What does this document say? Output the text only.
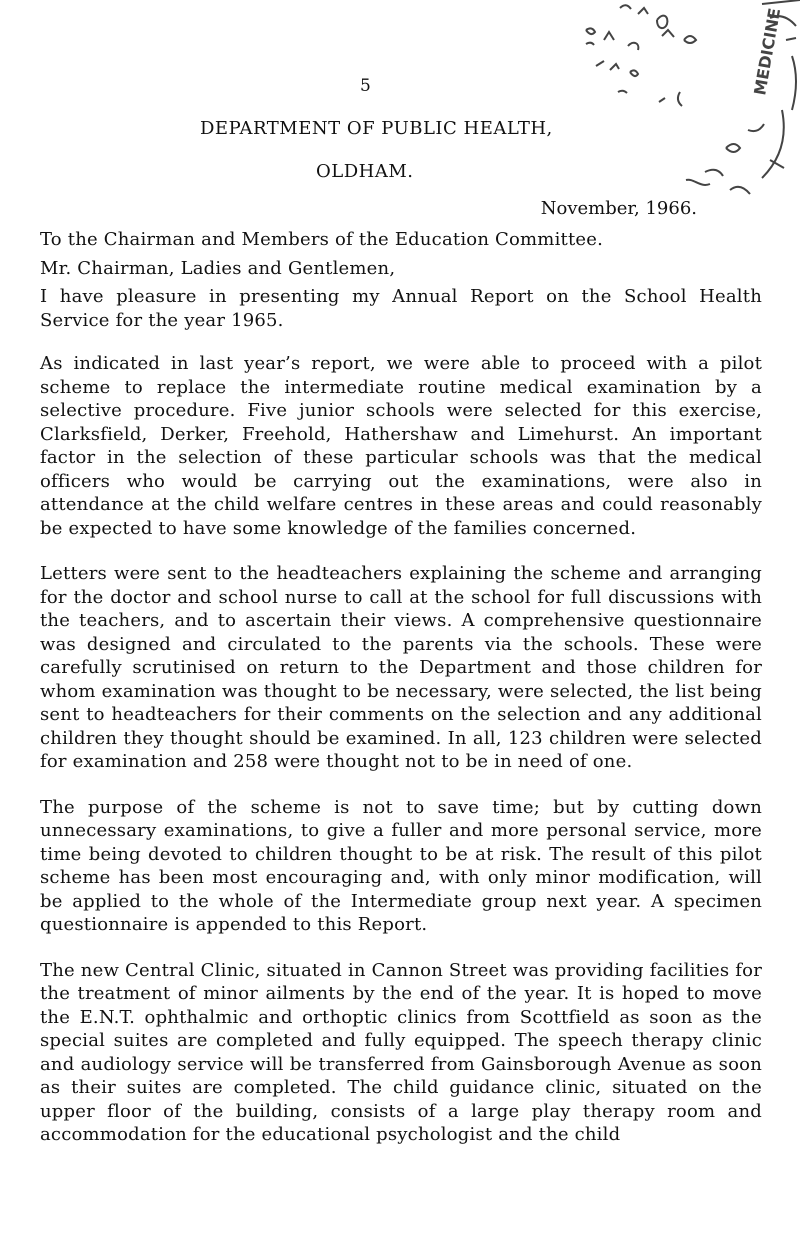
5	MEDICINE
DEPARTMENT OF PUBLIC HEALTH,
OLDHAM.
November, 1966.

To the Chairman and Members of the Education Committee.

Mr. Chairman, Ladies and Gentlemen,

I have pleasure in presenting my Annual Report on the School Health Service for the year 1965.

As indicated in last year’s report, we were able to proceed with a pilot scheme to replace the intermediate routine medical examination by a selective procedure. Five junior schools were selected for this exercise, Clarksfield, Derker, Freehold, Hathershaw and Limehurst. An important factor in the selection of these particular schools was that the medical officers who would be carrying out the examinations, were also in attendance at the child welfare centres in these areas and could reasonably be expected to have some knowledge of the families concerned.

Letters were sent to the headteachers explaining the scheme and arranging for the doctor and school nurse to call at the school for full discussions with the teachers, and to ascertain their views. A comprehensive questionnaire was designed and circulated to the parents via the schools. These were carefully scrutinised on return to the Department and those children for whom examination was thought to be necessary, were selected, the list being sent to headteachers for their comments on the selection and any additional children they thought should be examined. In all, 123 children were selected for examination and 258 were thought not to be in need of one.

The purpose of the scheme is not to save time; but by cutting down unnecessary examinations, to give a fuller and more personal service, more time being devoted to children thought to be at risk. The result of this pilot scheme has been most encouraging and, with only minor modification, will be applied to the whole of the Intermediate group next year. A specimen questionnaire is appended to this Report.

The new Central Clinic, situated in Cannon Street was providing facilities for the treatment of minor ailments by the end of the year. It is hoped to move the E.N.T. ophthalmic and orthoptic clinics from Scottfield as soon as the special suites are completed and fully equipped. The speech therapy clinic and audiology service will be transferred from Gainsborough Avenue as soon as their suites are completed. The child guidance clinic, situated on the upper floor of the building, consists of a large play therapy room and accommodation for the educational psychologist and the child
